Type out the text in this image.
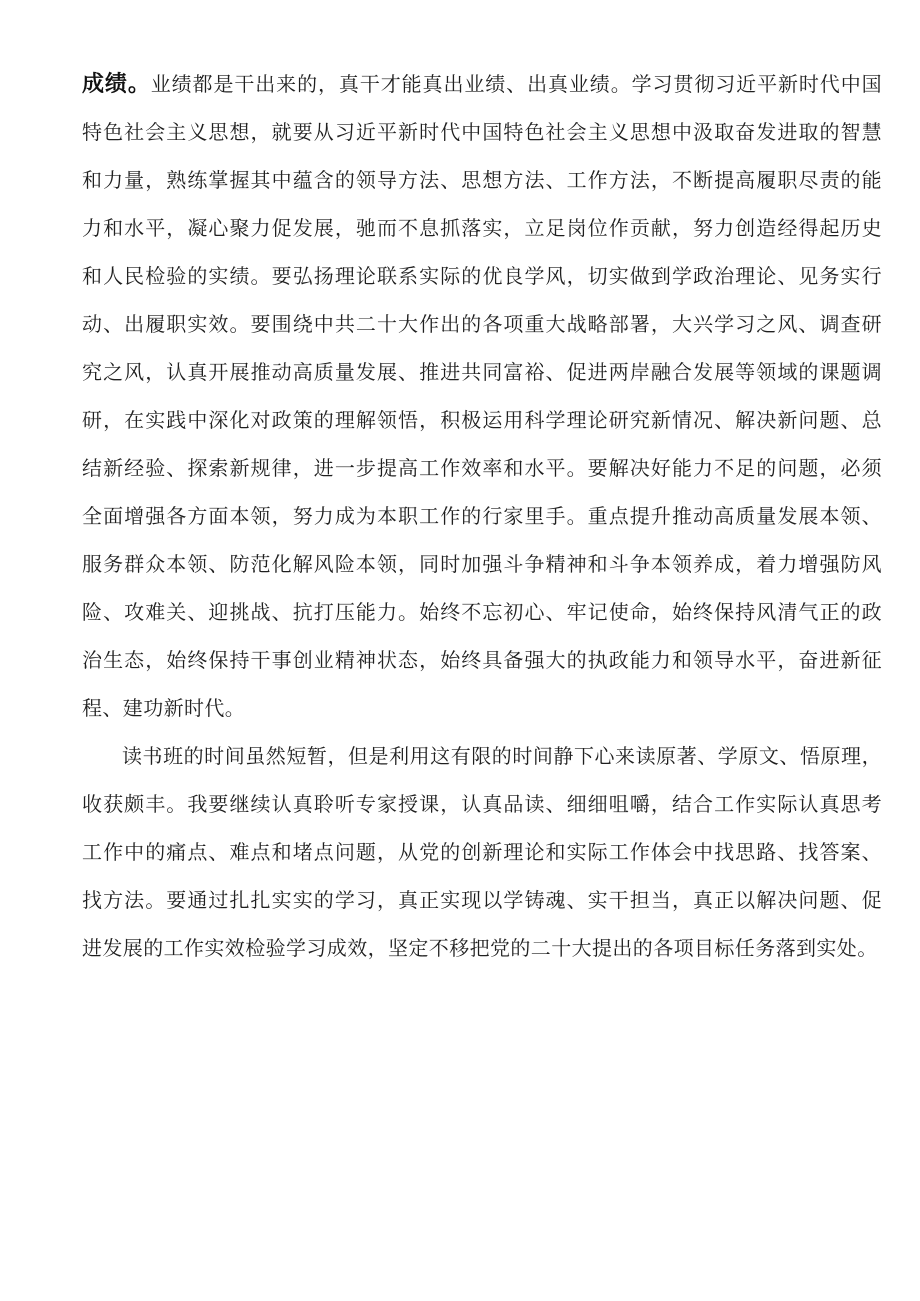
成绩。业绩都是干出来的，真干才能真出业绩、出真业绩。学习贯彻习近平新时代中国
特色社会主义思想，就要从习近平新时代中国特色社会主义思想中汲取奋发进取的智慧
和力量，熟练掌握其中蕴含的领导方法、思想方法、工作方法，不断提高履职尽责的能
力和水平，凝心聚力促发展，驰而不息抓落实，立足岗位作贡献，努力创造经得起历史
和人民检验的实绩。要弘扬理论联系实际的优良学风，切实做到学政治理论、见务实行
动、出履职实效。要围绕中共二十大作出的各项重大战略部署，大兴学习之风、调查研
究之风，认真开展推动高质量发展、推进共同富裕、促进两岸融合发展等领域的课题调
研，在实践中深化对政策的理解领悟，积极运用科学理论研究新情况、解决新问题、总
结新经验、探索新规律，进一步提高工作效率和水平。要解决好能力不足的问题，必须
全面增强各方面本领，努力成为本职工作的行家里手。重点提升推动高质量发展本领、
服务群众本领、防范化解风险本领，同时加强斗争精神和斗争本领养成，着力增强防风
险、攻难关、迎挑战、抗打压能力。始终不忘初心、牢记使命，始终保持风清气正的政
治生态，始终保持干事创业精神状态，始终具备强大的执政能力和领导水平，奋进新征
程、建功新时代。
读书班的时间虽然短暂，但是利用这有限的时间静下心来读原著、学原文、悟原理，
收获颇丰。我要继续认真聆听专家授课，认真品读、细细咀嚼，结合工作实际认真思考
工作中的痛点、难点和堵点问题，从党的创新理论和实际工作体会中找思路、找答案、
找方法。要通过扎扎实实的学习，真正实现以学铸魂、实干担当，真正以解决问题、促
进发展的工作实效检验学习成效，坚定不移把党的二十大提出的各项目标任务落到实处。
